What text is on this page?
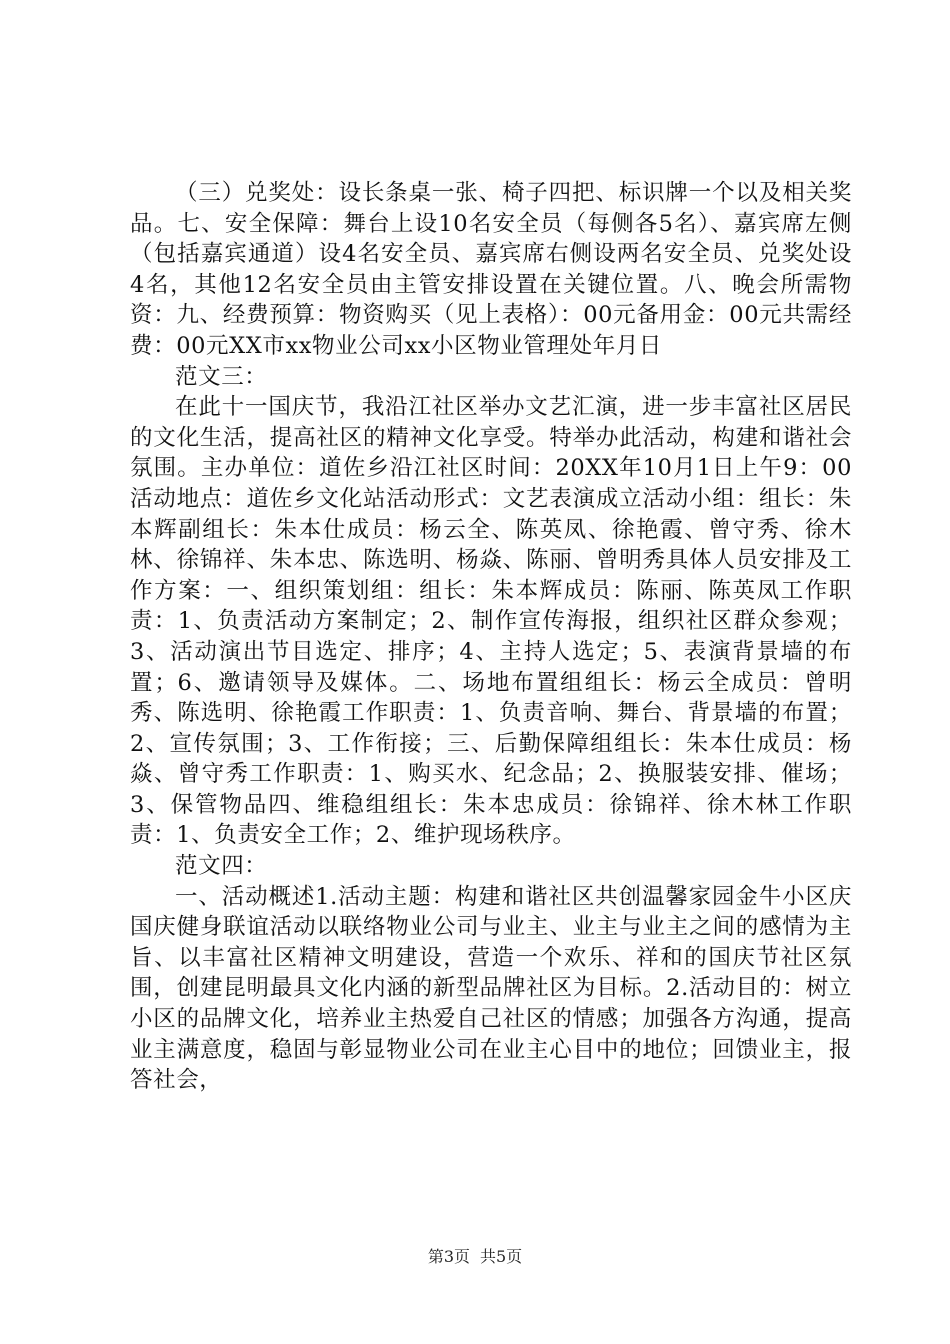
（三）兑奖处：设长条桌一张、椅子四把、标识牌一个以及相关奖品。七、安全保障：舞台上设10名安全员（每侧各5名）、嘉宾席左侧（包括嘉宾通道）设4名安全员、嘉宾席右侧设两名安全员、兑奖处设4名，其他12名安全员由主管安排设置在关键位置。八、晚会所需物资：九、经费预算：物资购买（见上表格）：00元备用金：00元共需经费：00元XX市xx物业公司xx小区物业管理处年月日

范文三：

在此十一国庆节，我沿江社区举办文艺汇演，进一步丰富社区居民的文化生活，提高社区的精神文化享受。特举办此活动，构建和谐社会氛围。主办单位：道佐乡沿江社区时间：20XX年10月1日上午9：00活动地点：道佐乡文化站活动形式：文艺表演成立活动小组：组长：朱本辉副组长：朱本仕成员：杨云全、陈英凤、徐艳霞、曾守秀、徐木林、徐锦祥、朱本忠、陈选明、杨焱、陈丽、曾明秀具体人员安排及工作方案：一、组织策划组：组长：朱本辉成员：陈丽、陈英凤工作职责：1、负责活动方案制定；2、制作宣传海报，组织社区群众参观；3、活动演出节目选定、排序；4、主持人选定；5、表演背景墙的布置；6、邀请领导及媒体。二、场地布置组组长：杨云全成员：曾明秀、陈选明、徐艳霞工作职责：1、负责音响、舞台、背景墙的布置；2、宣传氛围；3、工作衔接；三、后勤保障组组长：朱本仕成员：杨焱、曾守秀工作职责：1、购买水、纪念品；2、换服装安排、催场；3、保管物品四、维稳组组长：朱本忠成员：徐锦祥、徐木林工作职责：1、负责安全工作；2、维护现场秩序。

范文四：

一、活动概述1.活动主题：构建和谐社区共创温馨家园金牛小区庆国庆健身联谊活动以联络物业公司与业主、业主与业主之间的感情为主旨、以丰富社区精神文明建设，营造一个欢乐、祥和的国庆节社区氛围，创建昆明最具文化内涵的新型品牌社区为目标。2.活动目的：树立小区的品牌文化，培养业主热爱自己社区的情感；加强各方沟通，提高业主满意度，稳固与彰显物业公司在业主心目中的地位；回馈业主，报答社会，

第3页 共5页
